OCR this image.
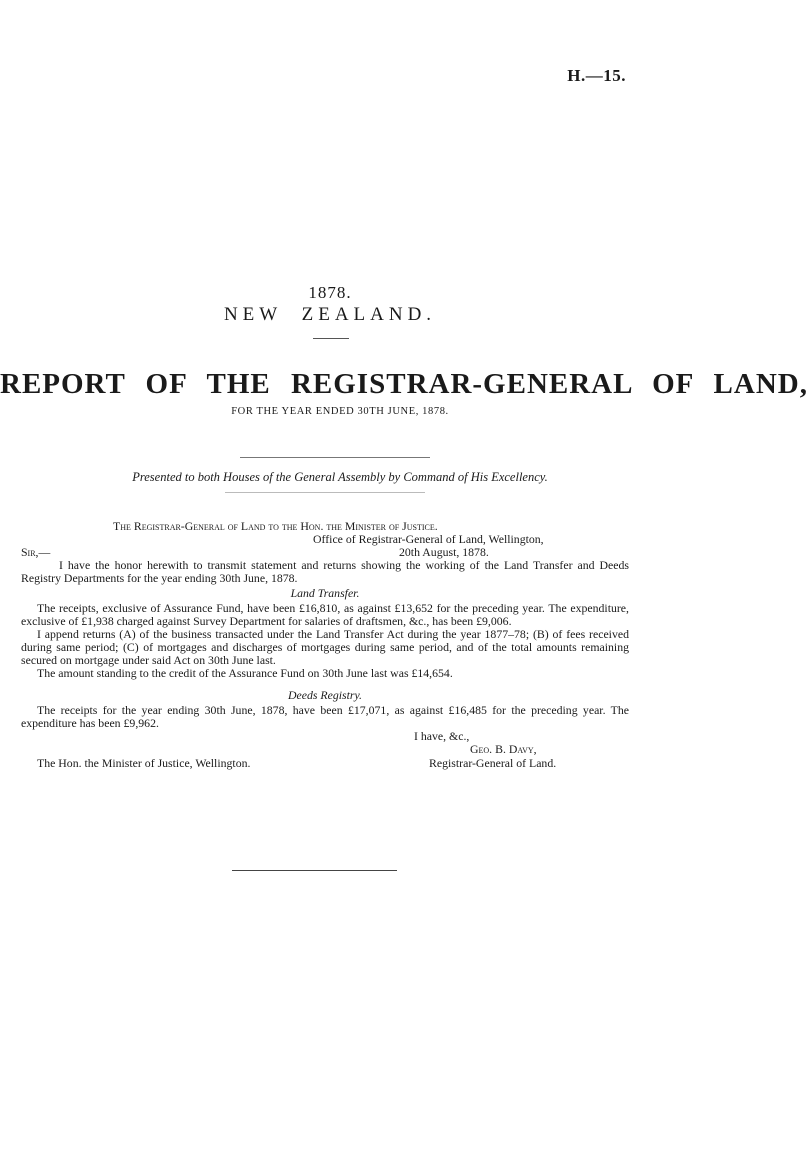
H.—15.
1878.
NEW ZEALAND.
REPORT OF THE REGISTRAR-GENERAL OF LAND,
FOR THE YEAR ENDED 30TH JUNE, 1878.
Presented to both Houses of the General Assembly by Command of His Excellency.

The Registrar-General of Land to the Hon. the Minister of Justice.

Office of Registrar-General of Land, Wellington,

Sir,—	20th August, 1878.

I have the honor herewith to transmit statement and returns showing the working of the Land Transfer and Deeds Registry Departments for the year ending 30th June, 1878.

Land Transfer.

The receipts, exclusive of Assurance Fund, have been £16,810, as against £13,652 for the preceding year. The expenditure, exclusive of £1,938 charged against Survey Department for salaries of draftsmen, &c., has been £9,006.

I append returns (A) of the business transacted under the Land Transfer Act during the year 1877–78; (B) of fees received during same period; (C) of mortgages and discharges of mortgages during same period, and of the total amounts remaining secured on mortgage under said Act on 30th June last.

The amount standing to the credit of the Assurance Fund on 30th June last was £14,654.

Deeds Registry.

The receipts for the year ending 30th June, 1878, have been £17,071, as against £16,485 for the preceding year. The expenditure has been £9,962.

I have, &c.,
Geo. B. Davy,
The Hon. the Minister of Justice, Wellington.	Registrar-General of Land.
